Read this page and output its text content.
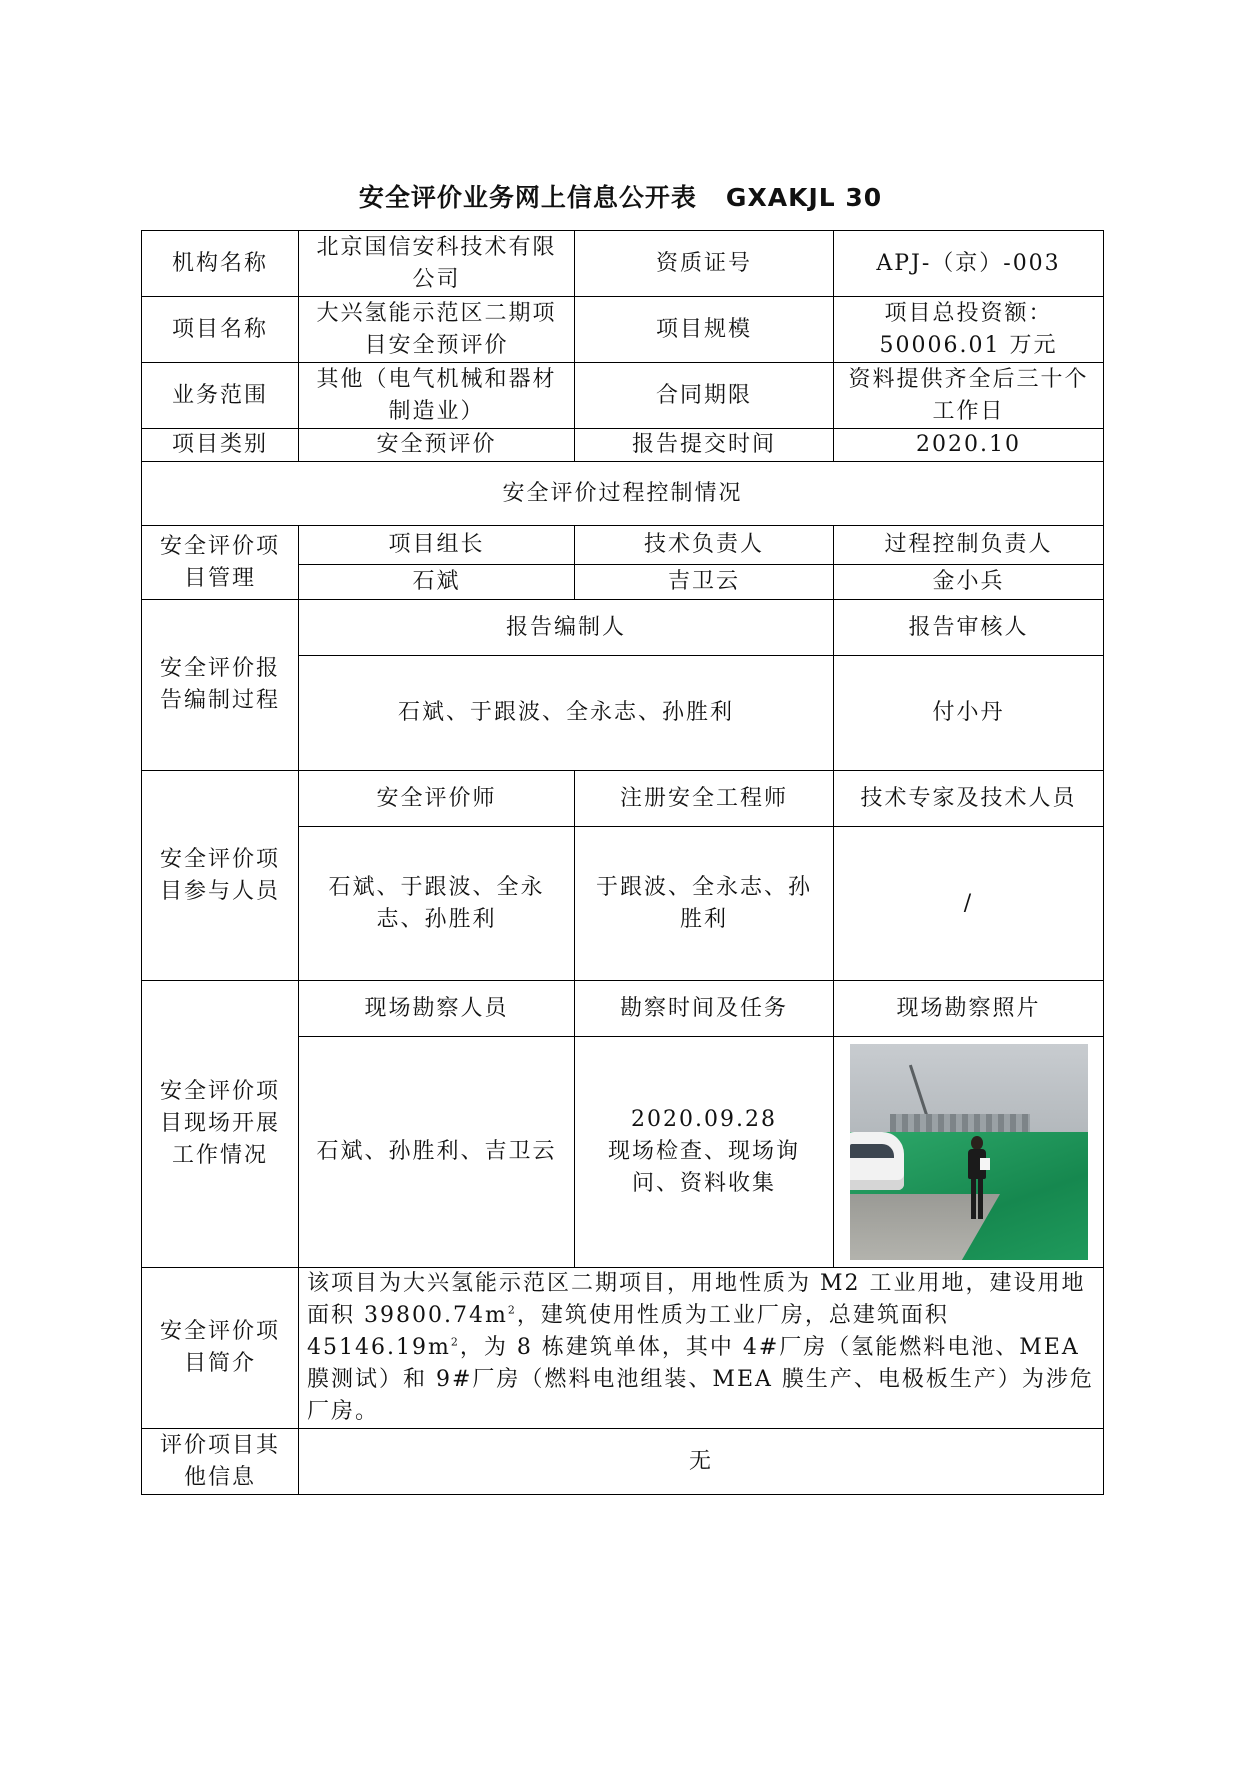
安全评价业务网上信息公开表   GXAKJL 30
机构名称	北京国信安科技术有限公司	资质证号	APJ-（京）-003
项目名称	大兴氢能示范区二期项目安全预评价	项目规模	项目总投资额：
50006.01 万元

业务范围	其他（电气机械和器材制造业）	合同期限	资料提供齐全后三十个工作日
项目类别	安全预评价	报告提交时间	2020.10
安全评价过程控制情况			
安全评价项目管理	项目组长	技术负责人	过程控制负责人
	石斌	吉卫云	金小兵
安全评价报告编制过程	报告编制人		报告审核人
	石斌、于跟波、全永志、孙胜利		付小丹
安全评价项目参与人员	安全评价师	注册安全工程师	技术专家及技术人员
	石斌、于跟波、全永志、孙胜利	于跟波、全永志、孙胜利	/
安全评价项目现场开展工作情况	现场勘察人员	勘察时间及任务	现场勘察照片
	石斌、孙胜利、吉卫云	2020.09.28
现场检查、现场询问、资料收集	

安全评价项目简介	该项目为大兴氢能示范区二期项目，用地性质为 M2 工业用地，建设用地面积 $39800.74m^2$，建筑使用性质为工业厂房，总建筑面积 $45146.19m^2$，为 8 栋建筑单体，其中 4#厂房（氢能燃料电池、MEA 膜测试）和 9#厂房（燃料电池组装、MEA 膜生产、电极板生产）为涉危厂房。		
评价项目其他信息	无		
